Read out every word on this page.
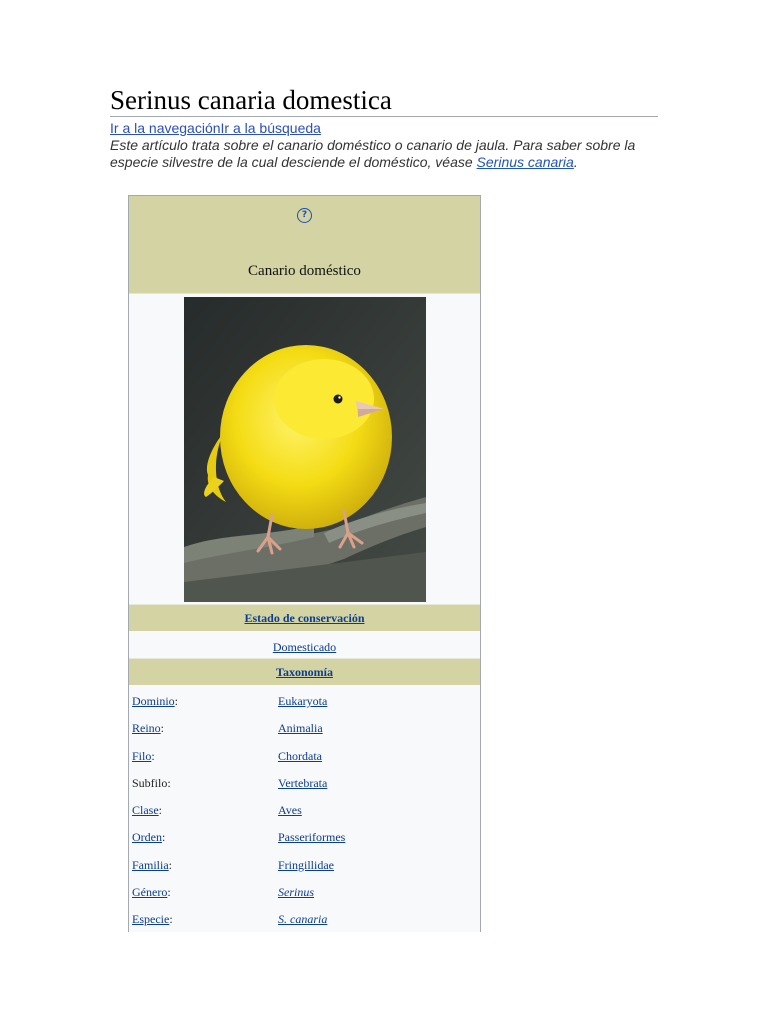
Serinus canaria domestica
Ir a la navegaciónIr a la búsqueda

Este artículo trata sobre el canario doméstico o canario de jaula. Para saber sobre la especie silvestre de la cual desciende el doméstico, véase Serinus canaria.

?
Canario doméstico
Estado de conservación
Domesticado
Taxonomía
Dominio:	Eukaryota
Reino:	Animalia
Filo:	Chordata
Subfilo:	Vertebrata
Clase:	Aves
Orden:	Passeriformes
Familia:	Fringillidae
Género:	Serinus
Especie:	S. canaria
